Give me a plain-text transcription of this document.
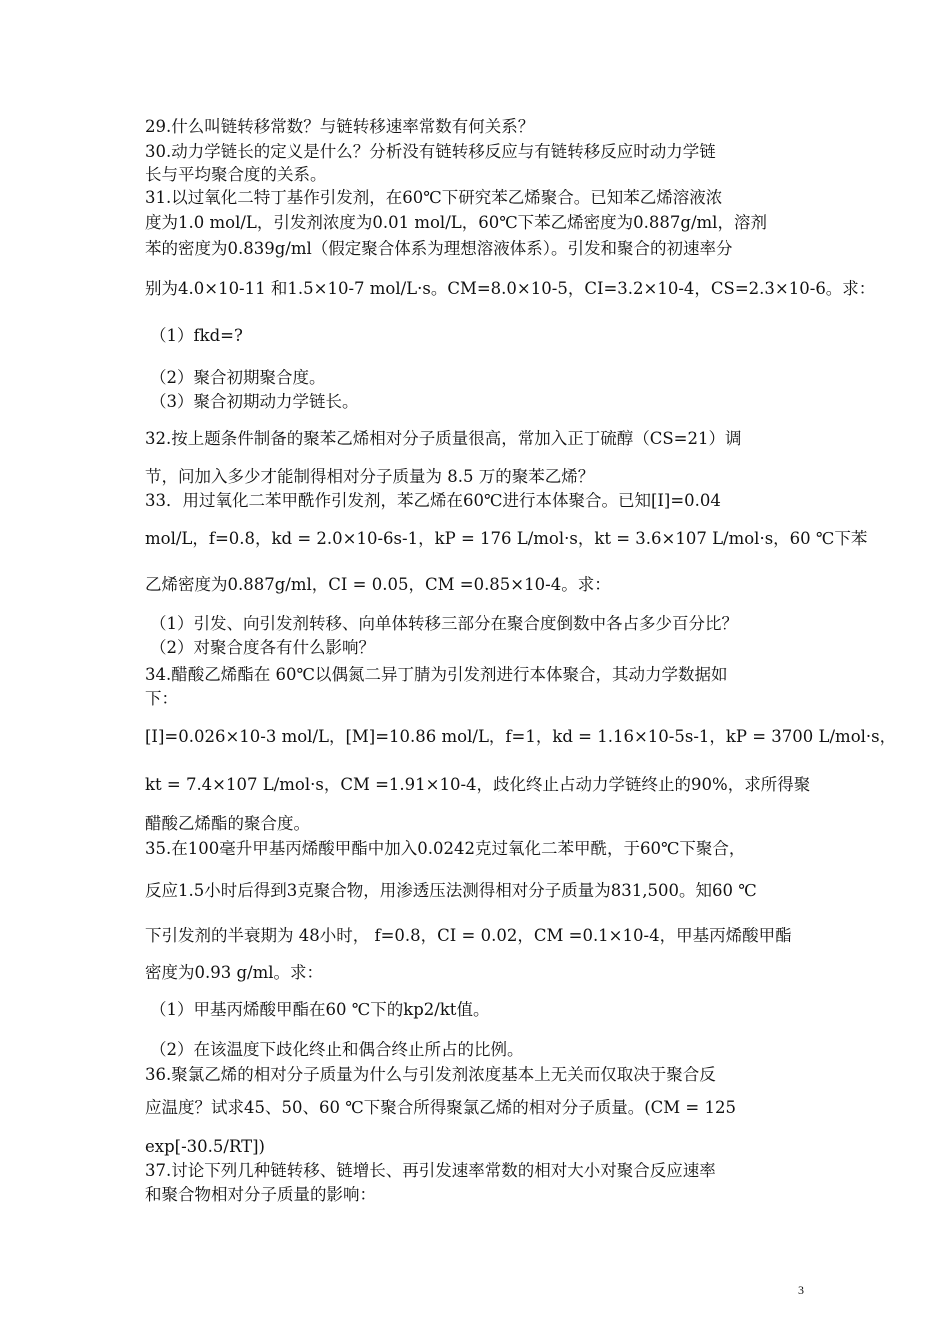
29.什么叫链转移常数？与链转移速率常数有何关系？
30.动力学链长的定义是什么？分析没有链转移反应与有链转移反应时动力学链
长与平均聚合度的关系。
31.以过氧化二特丁基作引发剂，在60℃下研究苯乙烯聚合。已知苯乙烯溶液浓
度为1.0 mol/L，引发剂浓度为0.01 mol/L，60℃下苯乙烯密度为0.887g/ml，溶剂
苯的密度为0.839g/ml（假定聚合体系为理想溶液体系）。引发和聚合的初速率分
别为4.0×10-11 和1.5×10-7 mol/L·s。CM=8.0×10-5，CI=3.2×10-4，CS=2.3×10-6。求：
（1）fkd=?
（2）聚合初期聚合度。
（3）聚合初期动力学链长。
32.按上题条件制备的聚苯乙烯相对分子质量很高，常加入正丁硫醇（CS=21）调
节，问加入多少才能制得相对分子质量为 8.5 万的聚苯乙烯？
33．用过氧化二苯甲酰作引发剂，苯乙烯在60℃进行本体聚合。已知[I]=0.04
mol/L，f=0.8，kd = 2.0×10-6s-1，kP = 176 L/mol·s，kt = 3.6×107 L/mol·s，60 ℃下苯
乙烯密度为0.887g/ml，CI = 0.05，CM =0.85×10-4。求：
（1）引发、向引发剂转移、向单体转移三部分在聚合度倒数中各占多少百分比？
（2）对聚合度各有什么影响？
34.醋酸乙烯酯在 60℃以偶氮二异丁腈为引发剂进行本体聚合，其动力学数据如
下：
[I]=0.026×10-3 mol/L，[M]=10.86 mol/L，f=1，kd = 1.16×10-5s-1，kP = 3700 L/mol·s，
kt = 7.4×107 L/mol·s，CM =1.91×10-4，歧化终止占动力学链终止的90%，求所得聚
醋酸乙烯酯的聚合度。
35.在100毫升甲基丙烯酸甲酯中加入0.0242克过氧化二苯甲酰，于60℃下聚合，
反应1.5小时后得到3克聚合物，用渗透压法测得相对分子质量为831,500。知60 ℃
下引发剂的半衰期为 48小时， f=0.8，CI = 0.02，CM =0.1×10-4，甲基丙烯酸甲酯
密度为0.93 g/ml。求：
（1）甲基丙烯酸甲酯在60 ℃下的kp2/kt值。
（2）在该温度下歧化终止和偶合终止所占的比例。
36.聚氯乙烯的相对分子质量为什么与引发剂浓度基本上无关而仅取决于聚合反
应温度？试求45、50、60 ℃下聚合所得聚氯乙烯的相对分子质量。(CM = 125
exp[-30.5/RT])
37.讨论下列几种链转移、链增长、再引发速率常数的相对大小对聚合反应速率
和聚合物相对分子质量的影响：
3
